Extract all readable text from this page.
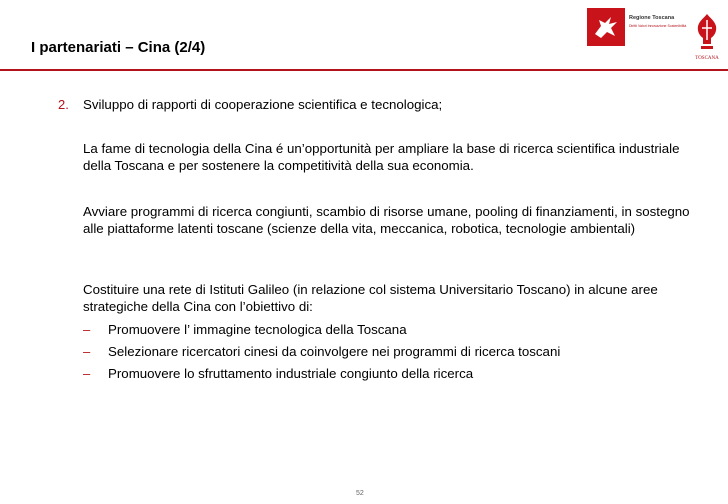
I partenariati – Cina (2/4)
Regione Toscana
Diritti Valori Innovazione Sostenibilità
TOSCANA
2. Sviluppo di rapporti di cooperazione scientifica e tecnologica;
La fame di tecnologia della Cina é un’opportunità per ampliare la base di ricerca scientifica industriale della Toscana e per sostenere la competitività della sua economia.
Avviare programmi di ricerca congiunti, scambio di risorse umane, pooling di finanziamenti, in sostegno alle piattaforme latenti toscane (scienze della vita, meccanica, robotica, tecnologie ambientali)
Costituire una rete di Istituti Galileo (in relazione col sistema Universitario Toscano) in alcune aree strategiche della Cina con l’obiettivo di:
– Promuovere l’ immagine tecnologica della Toscana
– Selezionare ricercatori cinesi da coinvolgere nei programmi di ricerca toscani
– Promuovere lo sfruttamento industriale congiunto della ricerca
52
